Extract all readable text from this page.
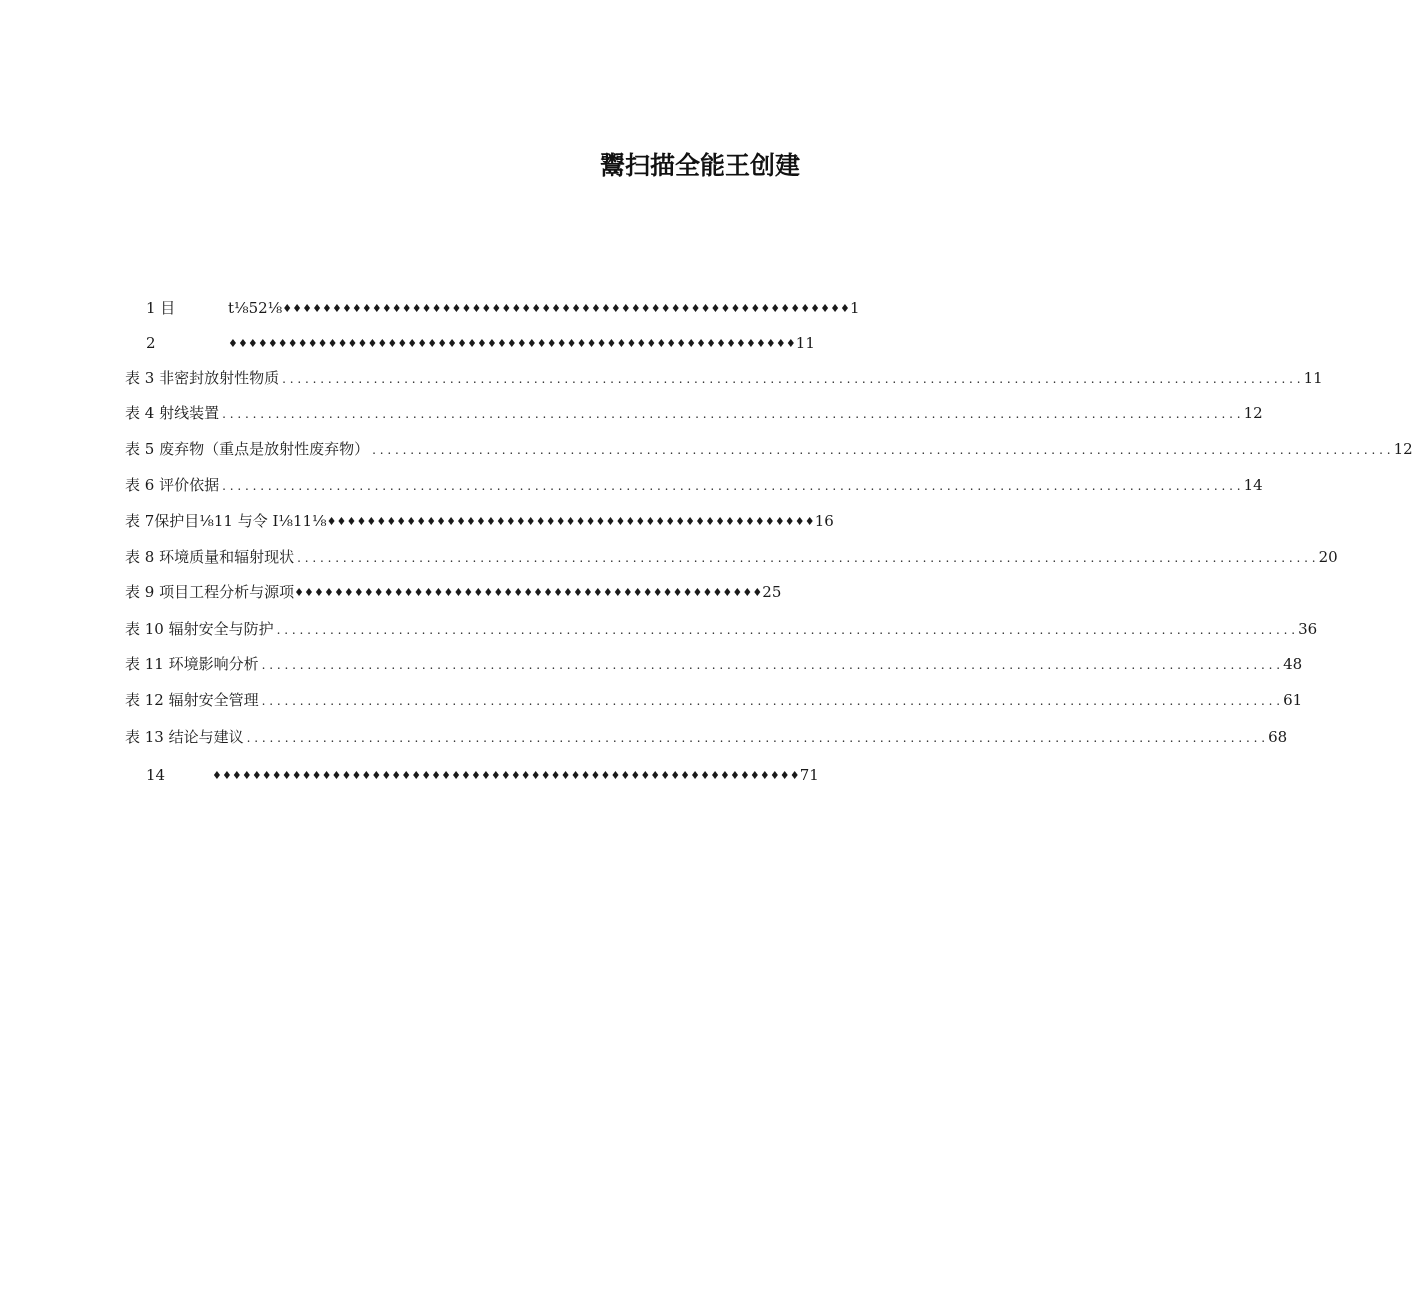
鬻扫描全能王创建
1 目	t⅛52⅛♦♦♦♦♦♦♦♦♦♦♦♦♦♦♦♦♦♦♦♦♦♦♦♦♦♦♦♦♦♦♦♦♦♦♦♦♦♦♦♦♦♦♦♦♦♦♦♦♦♦♦♦♦♦♦♦♦1
2	♦♦♦♦♦♦♦♦♦♦♦♦♦♦♦♦♦♦♦♦♦♦♦♦♦♦♦♦♦♦♦♦♦♦♦♦♦♦♦♦♦♦♦♦♦♦♦♦♦♦♦♦♦♦♦♦♦11
表 3 非密封放射性物质 . . .	11
表 4 射线装置 . . .	12
表 5 废弃物（重点是放射性废弃物） . . .	12
表 6 评价依据 . . .	14
表 7保护目⅛11 与令 I⅛11⅛♦♦♦♦♦♦♦♦♦♦♦♦♦♦♦♦♦♦♦♦♦♦♦♦♦♦♦♦♦♦♦♦♦♦♦♦♦♦♦♦♦♦♦♦♦♦♦♦♦16
表 8 环境质量和辐射现状 . . .	20
表 9 项目工程分析与源项♦♦♦♦♦♦♦♦♦♦♦♦♦♦♦♦♦♦♦♦♦♦♦♦♦♦♦♦♦♦♦♦♦♦♦♦♦♦♦♦♦♦♦♦♦♦♦25
表 10 辐射安全与防护 . . .	36
表 11 环境影响分析 . . .	48
表 12 辐射安全管理 . . .	61
表 13 结论与建议 . . .	68
14	♦♦♦♦♦♦♦♦♦♦♦♦♦♦♦♦♦♦♦♦♦♦♦♦♦♦♦♦♦♦♦♦♦♦♦♦♦♦♦♦♦♦♦♦♦♦♦♦♦♦♦♦♦♦♦♦♦♦♦71
